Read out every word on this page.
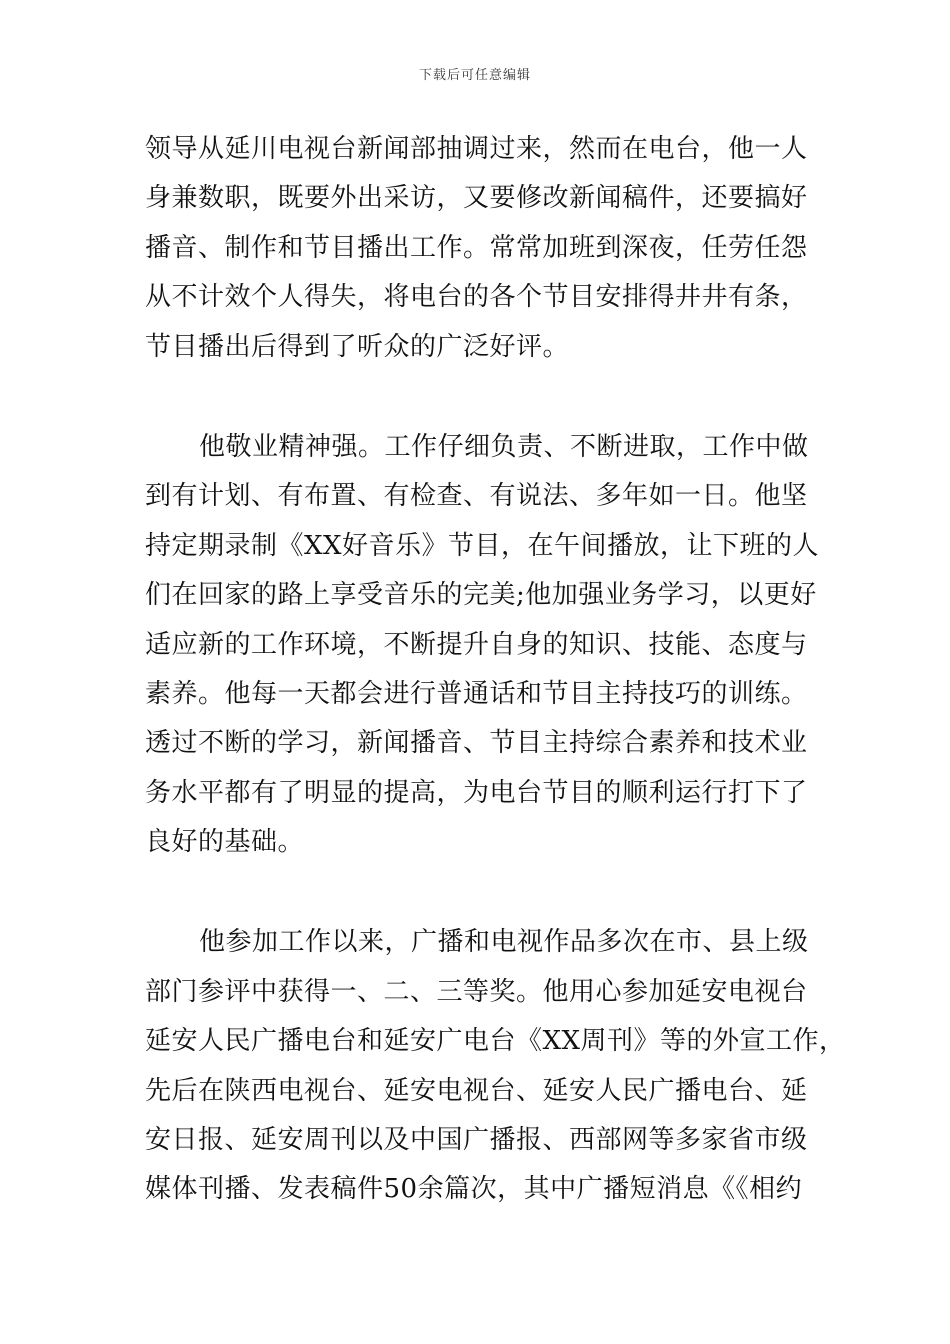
下载后可任意编辑
领导从延川电视台新闻部抽调过来，然而在电台，他一人
身兼数职，既要外出采访，又要修改新闻稿件，还要搞好
播音、制作和节目播出工作。常常加班到深夜，任劳任怨
从不计效个人得失，将电台的各个节目安排得井井有条，
节目播出后得到了听众的广泛好评。
他敬业精神强。工作仔细负责、不断进取，工作中做
到有计划、有布置、有检查、有说法、多年如一日。他坚
持定期录制《XX好音乐》节目，在午间播放，让下班的人
们在回家的路上享受音乐的完美;他加强业务学习，以更好
适应新的工作环境，不断提升自身的知识、技能、态度与
素养。他每一天都会进行普通话和节目主持技巧的训练。
透过不断的学习，新闻播音、节目主持综合素养和技术业
务水平都有了明显的提高，为电台节目的顺利运行打下了
良好的基础。
他参加工作以来，广播和电视作品多次在市、县上级
部门参评中获得一、二、三等奖。他用心参加延安电视台
延安人民广播电台和延安广电台《XX周刊》等的外宣工作，
先后在陕西电视台、延安电视台、延安人民广播电台、延
安日报、延安周刊以及中国广播报、西部网等多家省市级
媒体刊播、发表稿件50余篇次，其中广播短消息《《相约
